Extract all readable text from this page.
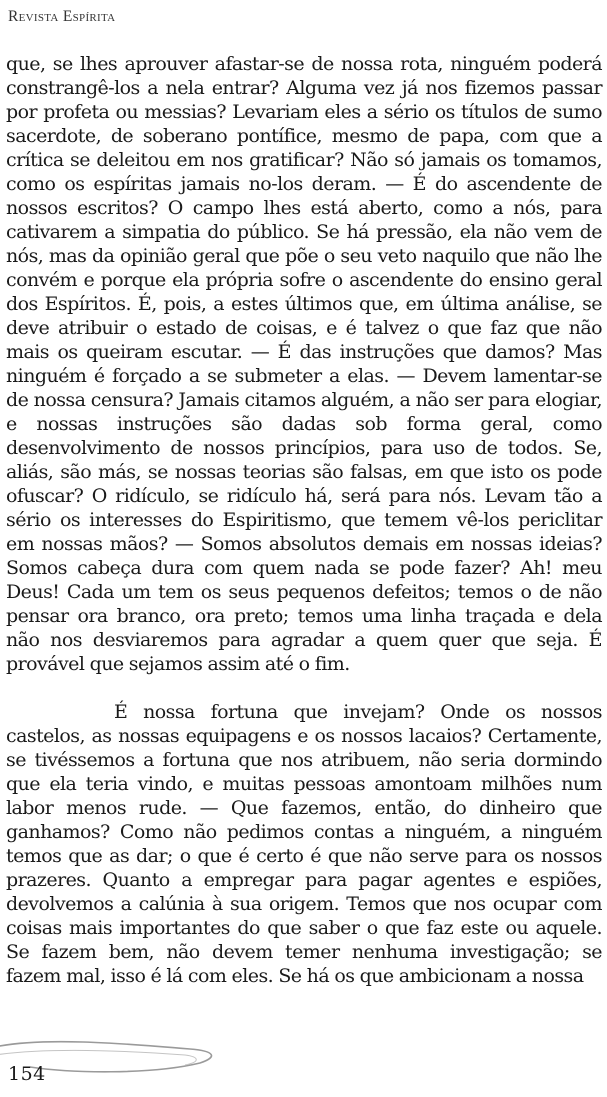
Revista Espírita

que, se lhes aprouver afastar-se de nossa rota, ninguém poderá constrangê-los a nela entrar? Alguma vez já nos fizemos passar por profeta ou messias? Levariam eles a sério os títulos de sumo sacerdote, de soberano pontífice, mesmo de papa, com que a crítica se deleitou em nos gratificar? Não só jamais os tomamos, como os espíritas jamais no-los deram. — É do ascendente de nossos escritos? O campo lhes está aberto, como a nós, para cativarem a simpatia do público. Se há pressão, ela não vem de nós, mas da opinião geral que põe o seu veto naquilo que não lhe convém e porque ela própria sofre o ascendente do ensino geral dos Espíritos. É, pois, a estes últimos que, em última análise, se deve atribuir o estado de coisas, e é talvez o que faz que não mais os queiram escutar. — É das instruções que damos? Mas ninguém é forçado a se submeter a elas. — Devem lamentar-se de nossa censura? Jamais citamos alguém, a não ser para elogiar, e nossas instruções são dadas sob forma geral, como desenvolvimento de nossos princípios, para uso de todos. Se, aliás, são más, se nossas teorias são falsas, em que isto os pode ofuscar? O ridículo, se ridículo há, será para nós. Levam tão a sério os interesses do Espiritismo, que temem vê-los periclitar em nossas mãos? — Somos absolutos demais em nossas ideias? Somos cabeça dura com quem nada se pode fazer? Ah! meu Deus! Cada um tem os seus pequenos defeitos; temos o de não pensar ora branco, ora preto; temos uma linha traçada e dela não nos desviaremos para agradar a quem quer que seja. É provável que sejamos assim até o fim.

É nossa fortuna que invejam? Onde os nossos castelos, as nossas equipagens e os nossos lacaios? Certamente, se tivéssemos a fortuna que nos atribuem, não seria dormindo que ela teria vindo, e muitas pessoas amontoam milhões num labor menos rude. — Que fazemos, então, do dinheiro que ganhamos? Como não pedimos contas a ninguém, a ninguém temos que as dar; o que é certo é que não serve para os nossos prazeres. Quanto a empregar para pagar agentes e espiões, devolvemos a calúnia à sua origem. Temos que nos ocupar com coisas mais importantes do que saber o que faz este ou aquele. Se fazem bem, não devem temer nenhuma investigação; se fazem mal, isso é lá com eles. Se há os que ambicionam a nossa

154
